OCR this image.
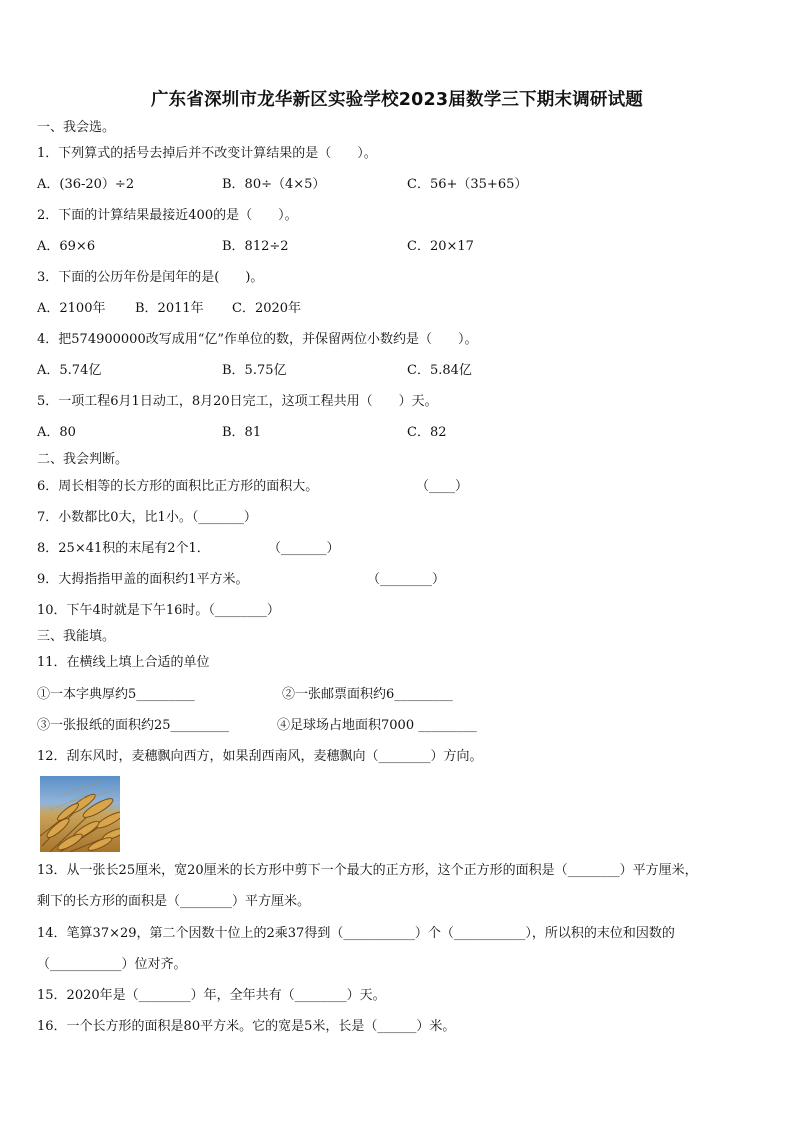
广东省深圳市龙华新区实验学校2023届数学三下期末调研试题
一、我会选。
1．下列算式的括号去掉后并不改变计算结果的是（　　）。
A．(36-20）÷2	B．80÷（4×5）	C．56+（35+65）
2．下面的计算结果最接近400的是（　　）。
A．69×6	B．812÷2	C．20×17
3．下面的公历年份是闰年的是(　　)。
A．2100年 B．2011年 C．2020年
4．把574900000改写成用“亿”作单位的数，并保留两位小数约是（　　）。
A．5.74亿	B．5.75亿	C．5.84亿
5．一项工程6月1日动工，8月20日完工，这项工程共用（　　）天。
A．80	B．81	C．82
二、我会判断。
6．周长相等的长方形的面积比正方形的面积大。	（____）
7．小数都比0大，比1小。（_______）
8．25×41积的末尾有2个1．	（_______）
9．大拇指指甲盖的面积约1平方米。	（________）
10．下午4时就是下午16时。（________）
三、我能填。
11．在横线上填上合适的单位
①一本字典厚约5_________	②一张邮票面积约6_________
③一张报纸的面积约25_________	④足球场占地面积7000 _________
12．刮东风时，麦穗飘向西方，如果刮西南风，麦穗飘向（________）方向。
13．从一张长25厘米，宽20厘米的长方形中剪下一个最大的正方形，这个正方形的面积是（________）平方厘米，
剩下的长方形的面积是（________）平方厘米。
14．笔算37×29，第二个因数十位上的2乘37得到（___________）个（___________），所以积的末位和因数的
（___________）位对齐。
15．2020年是（________）年，全年共有（________）天。
16．一个长方形的面积是80平方米。它的宽是5米，长是（______）米。
